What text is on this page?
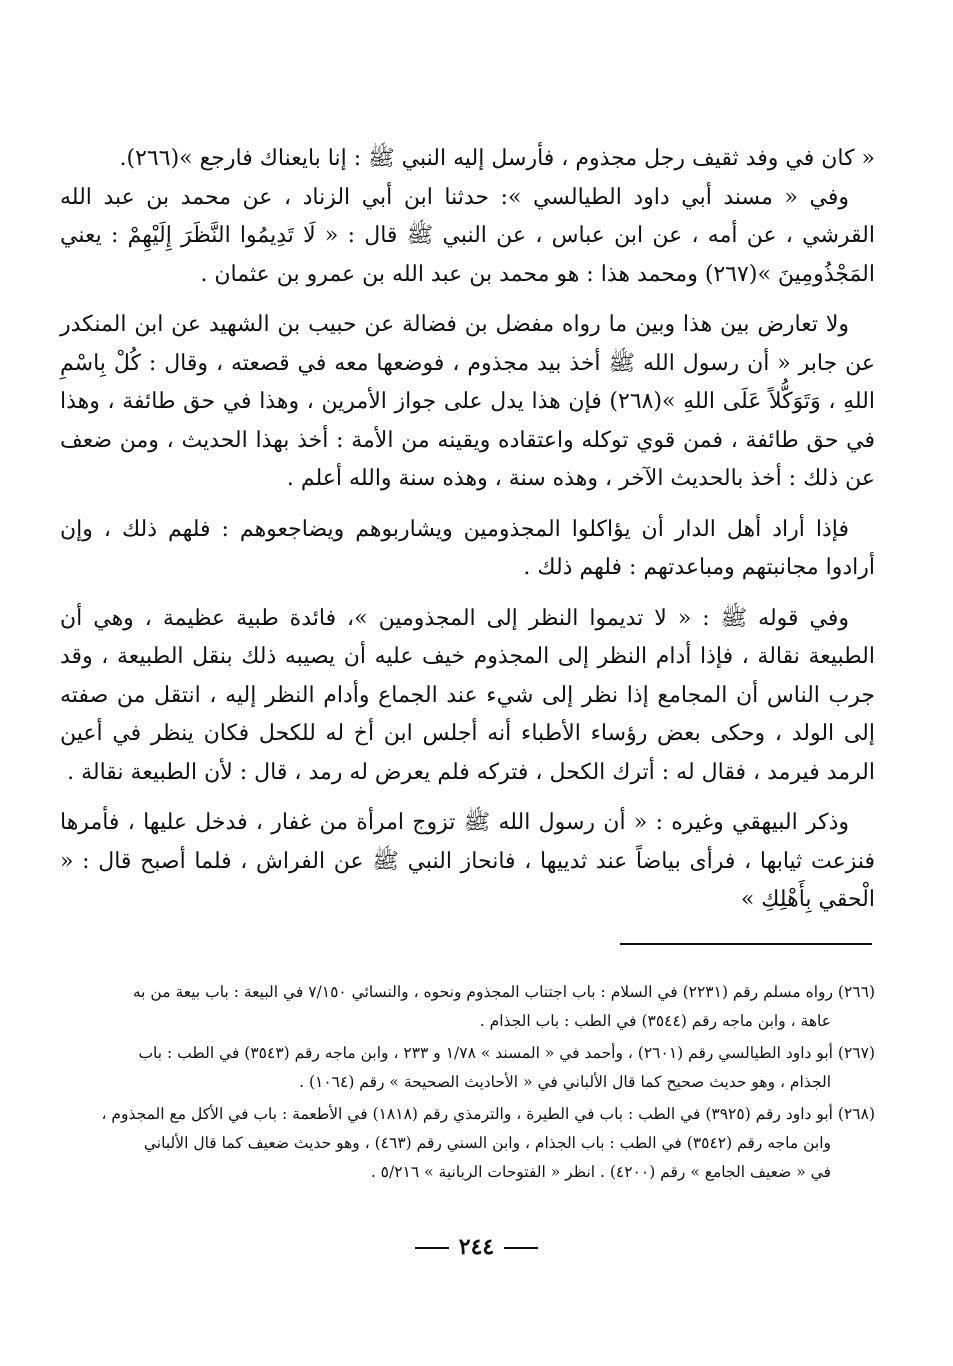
« كان في وفد ثقيف رجل مجذوم ، فأرسل إليه النبي ﷺ : إنا بايعناك فارجع »(٢٦٦).

وفي « مسند أبي داود الطيالسي »: حدثنا ابن أبي الزناد ، عن محمد بن عبد الله القرشي ، عن أمه ، عن ابن عباس ، عن النبي ﷺ قال : « لَا تَدِيمُوا النَّظَرَ إِلَيْهِمْ : يعني المَجْذُومِينَ »(٢٦٧) ومحمد هذا : هو محمد بن عبد الله بن عمرو بن عثمان .

ولا تعارض بين هذا وبين ما رواه مفضل بن فضالة عن حبيب بن الشهيد عن ابن المنكدر عن جابر « أن رسول الله ﷺ أخذ بيد مجذوم ، فوضعها معه في قصعته ، وقال : كُلْ بِاسْمِ اللهِ ، وَتَوَكُّلاً عَلَى اللهِ »(٢٦٨) فإن هذا يدل على جواز الأمرين ، وهذا في حق طائفة ، وهذا في حق طائفة ، فمن قوي توكله واعتقاده ويقينه من الأمة : أخذ بهذا الحديث ، ومن ضعف عن ذلك : أخذ بالحديث الآخر ، وهذه سنة ، وهذه سنة والله أعلم .

فإذا أراد أهل الدار أن يؤاكلوا المجذومين ويشاربوهم ويضاجعوهم : فلهم ذلك ، وإن أرادوا مجانبتهم ومباعدتهم : فلهم ذلك .

وفي قوله ﷺ : « لا تديموا النظر إلى المجذومين »، فائدة طبية عظيمة ، وهي أن الطبيعة نقالة ، فإذا أدام النظر إلى المجذوم خيف عليه أن يصيبه ذلك بنقل الطبيعة ، وقد جرب الناس أن المجامع إذا نظر إلى شيء عند الجماع وأدام النظر إليه ، انتقل من صفته إلى الولد ، وحكى بعض رؤساء الأطباء أنه أجلس ابن أخ له للكحل فكان ينظر في أعين الرمد فيرمد ، فقال له : أترك الكحل ، فتركه فلم يعرض له رمد ، قال : لأن الطبيعة نقالة .

وذكر البيهقي وغيره : « أن رسول الله ﷺ تزوج امرأة من غفار ، فدخل عليها ، فأمرها فنزعت ثيابها ، فرأى بياضاً عند ثدييها ، فانحاز النبي ﷺ عن الفراش ، فلما أصبح قال : « الْحقي بِأَهْلِكِ »

(٢٦٦) رواه مسلم رقم (٢٢٣١) في السلام : باب اجتناب المجذوم ونحوه ، والنسائي ٧/١٥٠ في البيعة : باب بيعة من به

عاهة ، وابن ماجه رقم (٣٥٤٤) في الطب : باب الجذام .

(٢٦٧) أبو داود الطيالسي رقم (٢٦٠١) ، وأحمد في « المسند » ١/٧٨ و ٢٣٣ ، وابن ماجه رقم (٣٥٤٣) في الطب : باب

الجذام ، وهو حديث صحيح كما قال الألباني في « الأحاديث الصحيحة » رقم (١٠٦٤) .

(٢٦٨) أبو داود رقم (٣٩٢٥) في الطب : باب في الطيرة ، والترمذي رقم (١٨١٨) في الأطعمة : باب في الأكل مع المجذوم ،

وابن ماجه رقم (٣٥٤٢) في الطب : باب الجذام ، وابن السني رقم (٤٦٣) ، وهو حديث ضعيف كما قال الألباني

في « ضعيف الجامع » رقم (٤٢٠٠) . انظر « الفتوحات الربانية » ٥/٢١٦ .

٢٤٤
